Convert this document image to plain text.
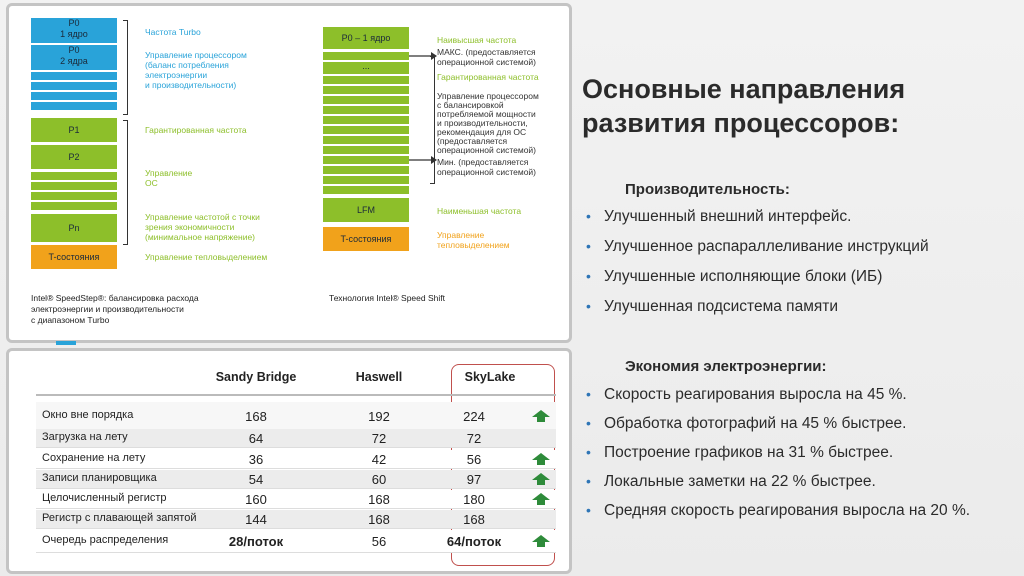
P0
1 ядро
P0
2 ядра
P1
P2
Pn
T-состояния
Частота Turbo
Управление процессором
(баланс потребления
электроэнергии
и производительности)
Гарантированная частота
Управление
ОС
Управление частотой с точки
зрения экономичности
(минимальное напряжение)
Управление тепловыделением
Intel® SpeedStep®: балансировка расхода
электроэнергии и производительности
с диапазоном Turbo
P0 – 1 ядро
...
LFM
T-состояния
Наивысшая частота
МАКС. (предоставляется
операционной системой)
Гарантированная частота
Управление процессором
с балансировкой
потребляемой мощности
и производительности,
рекомендация для ОС
(предоставляется
операционной системой)
Мин. (предоставляется
операционной системой)
Наименьшая частота
Управление
тепловыделением
Технология Intel® Speed Shift
Sandy Bridge	Haswell	SkyLake
Окно вне порядка	168	192	224
Загрузка на лету	64	72	72
Сохранение на лету	36	42	56
Записи планировщика	54	60	97
Целочисленный регистр	160	168	180
Регистр с плавающей запятой	144	168	168
Очередь распределения	28/поток	56	64/поток
Основные направления
развития процессоров:
Производительность:
• Улучшенный внешний интерфейс.
• Улучшенное распараллеливание инструкций
• Улучшенные исполняющие блоки (ИБ)
• Улучшенная подсистема памяти
Экономия электроэнергии:
• Скорость реагирования выросла на 45 %.
• Обработка фотографий на 45 % быстрее.
• Построение графиков на 31 % быстрее.
• Локальные заметки на 22 % быстрее.
• Средняя скорость реагирования выросла на 20 %.
